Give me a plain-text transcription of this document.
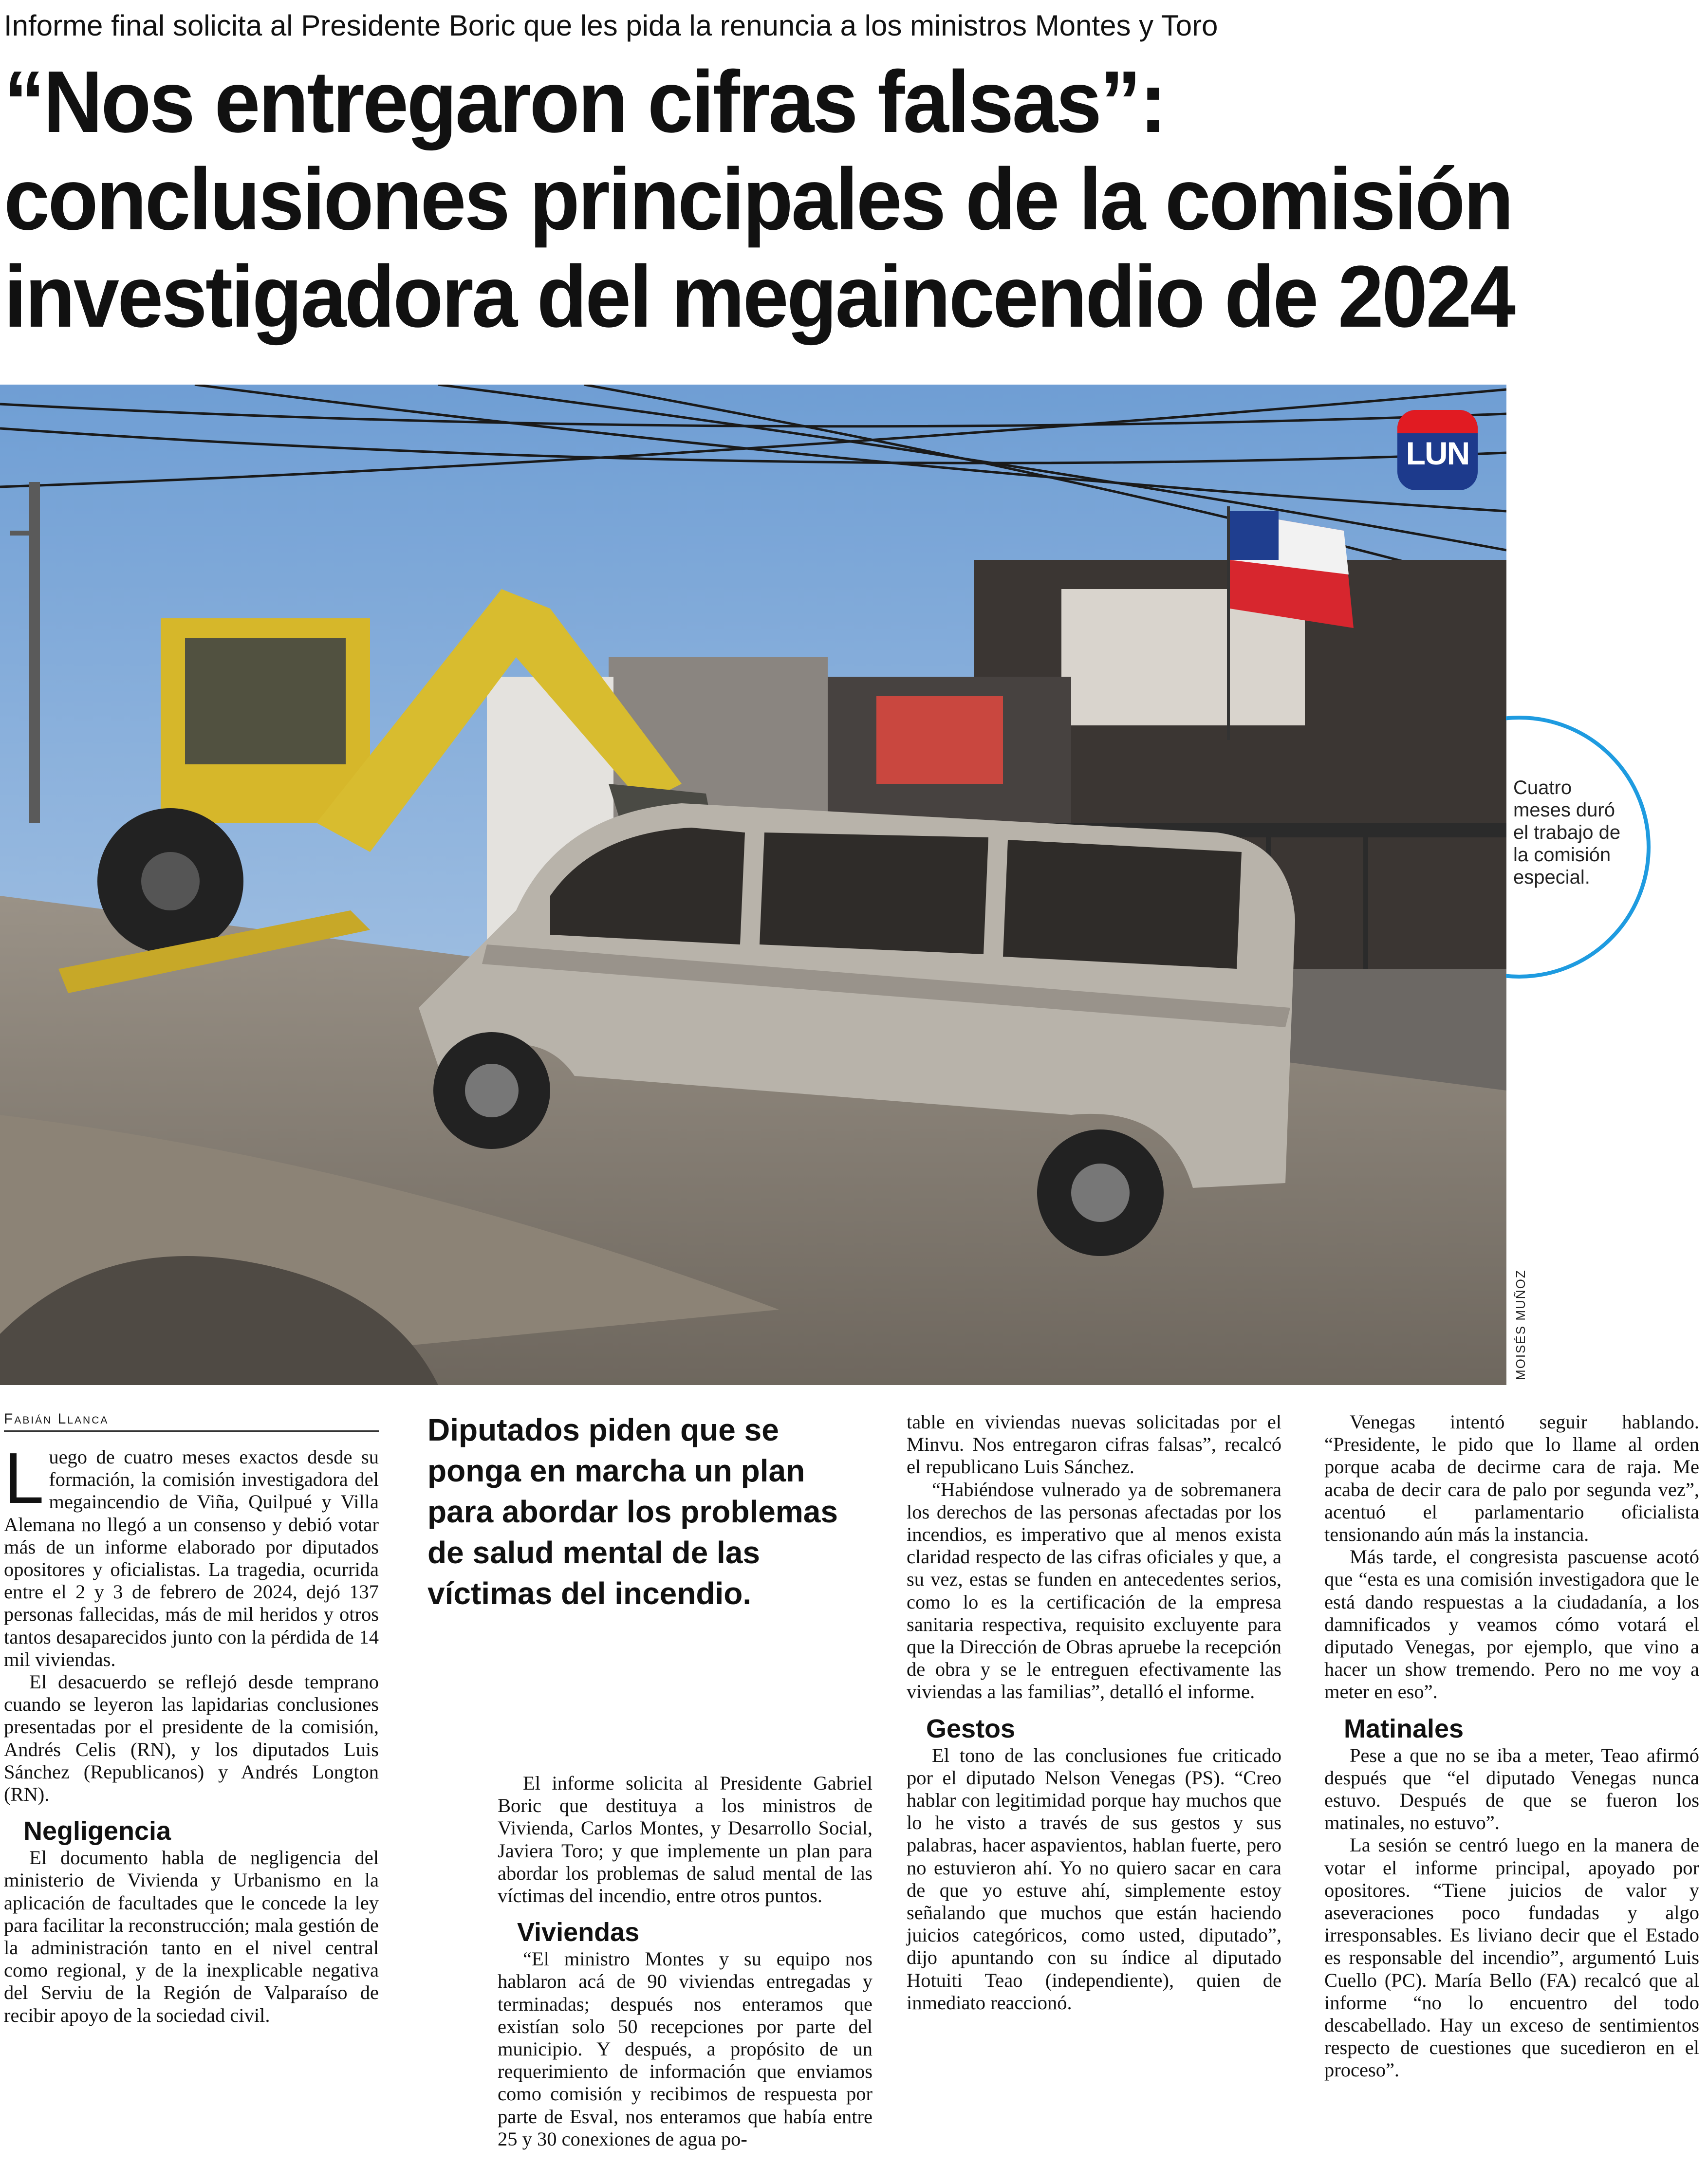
Informe final solicita al Presidente Boric que les pida la renuncia a los ministros Montes y Toro
“Nos entregaron cifras falsas”:
conclusiones principales de la comisión
investigadora del megaincendio de 2024
LUN
MOISÉS MUÑOZ
Cuatro
meses duró
el trabajo de
la comisión
especial.
Fabián Llanca

Luego de cuatro meses exactos desde su formación, la comisión investigadora del megaincendio de Viña, Quilpué y Villa Alemana no llegó a un consenso y debió votar más de un informe elaborado por diputados opositores y oficialistas. La tragedia, ocurrida entre el 2 y 3 de febrero de 2024, dejó 137 personas fallecidas, más de mil heridos y otros tantos desaparecidos junto con la pérdida de 14 mil viviendas.

El desacuerdo se reflejó desde temprano cuando se leyeron las lapidarias conclusiones presentadas por el presidente de la comisión, Andrés Celis (RN), y los diputados Luis Sánchez (Republicanos) y Andrés Longton (RN).

Negligencia

El documento habla de negligencia del ministerio de Vivienda y Urbanismo en la aplicación de facultades que le concede la ley para facilitar la reconstrucción; mala gestión de la administración tanto en el nivel central como regional, y de la inexplicable negativa del Serviu de la Región de Valparaíso de recibir apoyo de la sociedad civil.

Diputados piden que se ponga en marcha un plan para abordar los problemas de salud mental de las víctimas del incendio.

El informe solicita al Presidente Gabriel Boric que destituya a los ministros de Vivienda, Carlos Montes, y Desarrollo Social, Javiera Toro; y que implemente un plan para abordar los problemas de salud mental de las víctimas del incendio, entre otros puntos.

Viviendas

“El ministro Montes y su equipo nos hablaron acá de 90 viviendas entregadas y terminadas; después nos enteramos que existían solo 50 recepciones por parte del municipio. Y después, a propósito de un requerimiento de información que enviamos como comisión y recibimos de respuesta por parte de Esval, nos enteramos que había entre 25 y 30 conexiones de agua po-

table en viviendas nuevas solicitadas por el Minvu. Nos entregaron cifras falsas”, recalcó el republicano Luis Sánchez.

“Habiéndose vulnerado ya de sobremanera los derechos de las personas afectadas por los incendios, es imperativo que al menos exista claridad respecto de las cifras oficiales y que, a su vez, estas se funden en antecedentes serios, como lo es la certificación de la empresa sanitaria respectiva, requisito excluyente para que la Dirección de Obras apruebe la recepción de obra y se le entreguen efectivamente las viviendas a las familias”, detalló el informe.

Gestos

El tono de las conclusiones fue criticado por el diputado Nelson Venegas (PS). “Creo hablar con legitimidad porque hay muchos que lo he visto a través de sus gestos y sus palabras, hacer aspavientos, hablan fuerte, pero no estuvieron ahí. Yo no quiero sacar en cara de que yo estuve ahí, simplemente estoy señalando que muchos que están haciendo juicios categóricos, como usted, diputado”, dijo apuntando con su índice al diputado Hotuiti Teao (independiente), quien de inmediato reaccionó.

Venegas intentó seguir hablando. “Presidente, le pido que lo llame al orden porque acaba de decirme cara de raja. Me acaba de decir cara de palo por segunda vez”, acentuó el parlamentario oficialista tensionando aún más la instancia.

Más tarde, el congresista pascuense acotó que “esta es una comisión investigadora que le está dando respuestas a la ciudadanía, a los damnificados y veamos cómo votará el diputado Venegas, por ejemplo, que vino a hacer un show tremendo. Pero no me voy a meter en eso”.

Matinales

Pese a que no se iba a meter, Teao afirmó después que “el diputado Venegas nunca estuvo. Después de que se fueron los matinales, no estuvo”.

La sesión se centró luego en la manera de votar el informe principal, apoyado por opositores. “Tiene juicios de valor y aseveraciones poco fundadas y algo irresponsables. Es liviano decir que el Estado es responsable del incendio”, argumentó Luis Cuello (PC). María Bello (FA) recalcó que al informe “no lo encuentro del todo descabellado. Hay un exceso de sentimientos respecto de cuestiones que sucedieron en el proceso”.
